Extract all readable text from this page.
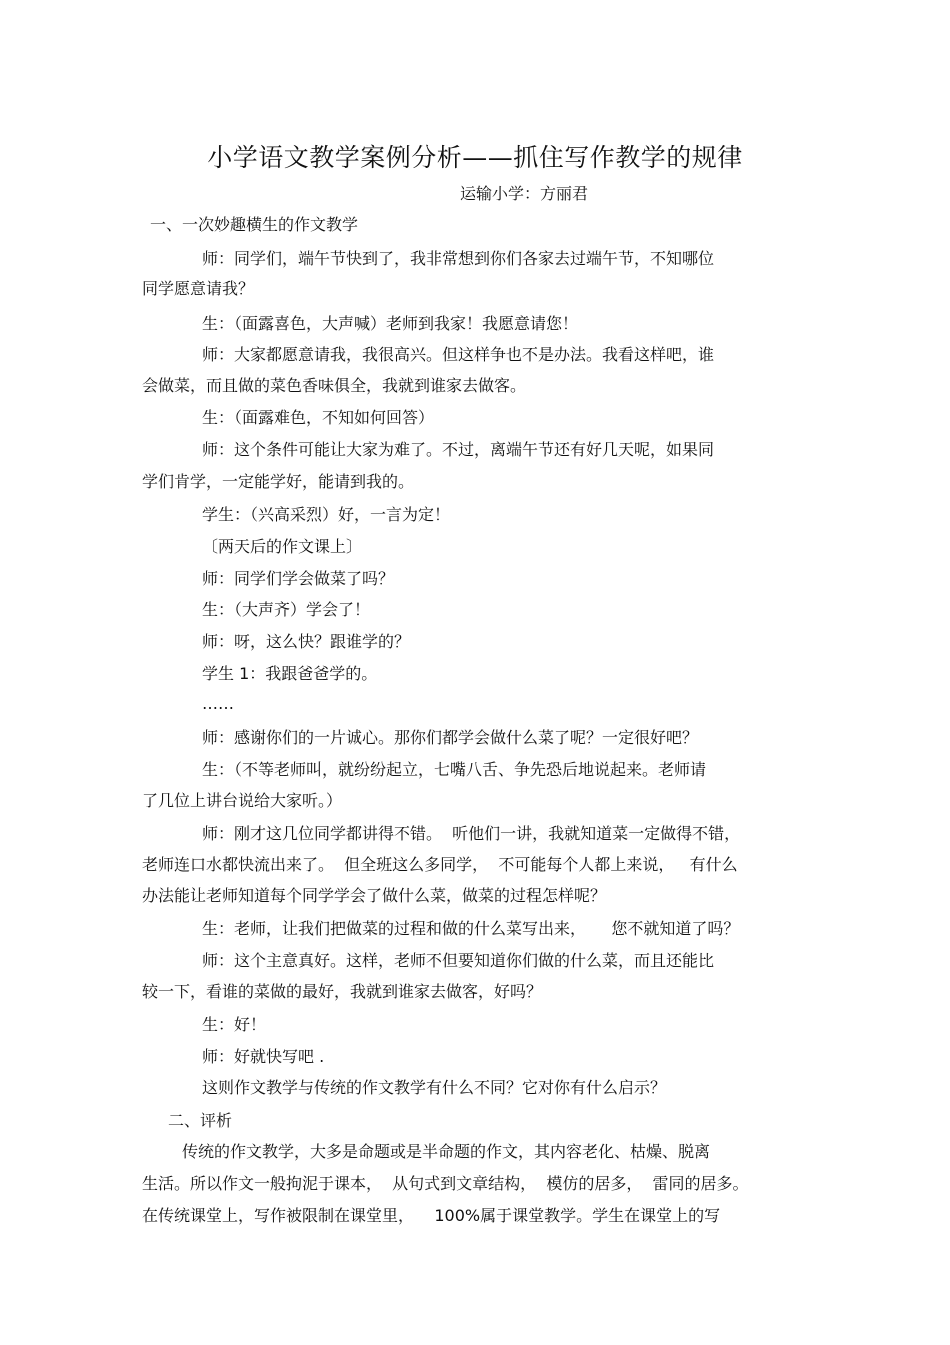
小学语文教学案例分析——抓住写作教学的规律
运输小学：方丽君
一、一次妙趣横生的作文教学
师：同学们，端午节快到了，我非常想到你们各家去过端午节，不知哪位
同学愿意请我？
生：（面露喜色，大声喊）老师到我家！我愿意请您！
师：大家都愿意请我，我很高兴。但这样争也不是办法。我看这样吧，谁
会做菜，而且做的菜色香味俱全，我就到谁家去做客。
生：（面露难色，不知如何回答）
师：这个条件可能让大家为难了。不过，离端午节还有好几天呢，如果同
学们肯学，一定能学好，能请到我的。
学生：（兴高采烈）好，一言为定！
〔两天后的作文课上〕
师：同学们学会做菜了吗？
生：（大声齐）学会了！
师：呀，这么快？跟谁学的？
学生 1：我跟爸爸学的。
……
师：感谢你们的一片诚心。那你们都学会做什么菜了呢？一定很好吧？
生：（不等老师叫，就纷纷起立，七嘴八舌、争先恐后地说起来。老师请
了几位上讲台说给大家听。）
师：刚才这几位同学都讲得不错。  听他们一讲，我就知道菜一定做得不错，
老师连口水都快流出来了。  但全班这么多同学，  不可能每个人都上来说，   有什么
办法能让老师知道每个同学学会了做什么菜，做菜的过程怎样呢？
生：老师，让我们把做菜的过程和做的什么菜写出来，     您不就知道了吗？
师：这个主意真好。这样，老师不但要知道你们做的什么菜，而且还能比
较一下，看谁的菜做的最好，我就到谁家去做客，好吗？
生：好！
师：好就快写吧 .
这则作文教学与传统的作文教学有什么不同？它对你有什么启示？
二、评析
传统的作文教学，大多是命题或是半命题的作文，其内容老化、枯燥、脱离
生活。所以作文一般拘泥于课本，  从句式到文章结构，  模仿的居多，  雷同的居多。
在传统课堂上，写作被限制在课堂里，    100%属于课堂教学。学生在课堂上的写
